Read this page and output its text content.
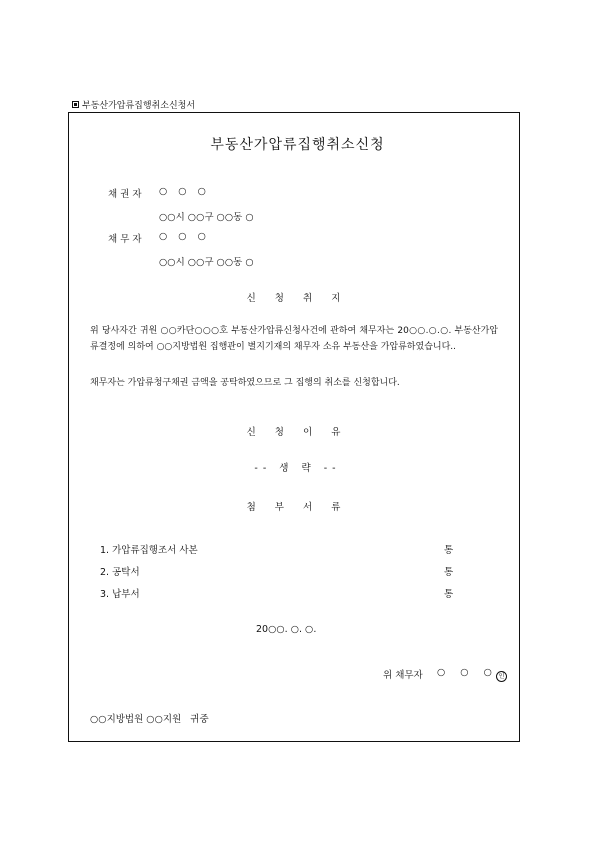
부동산가압류집행취소신청서
부동산가압류집행취소신청
채 권 자 ○ ○ ○
○○시 ○○구 ○○동 ○
채 무 자 ○ ○ ○
○○시 ○○구 ○○동 ○
신 청 취 지
위 당사자간 귀원 ○○카단○○○호 부동산가압류신청사건에 관하여 채무자는 20○○.○.○. 부동산가압류결정에 의하여 ○○지방법원 집행관이 별지기재의 채무자 소유 부동산을 가압류하였습니다..
채무자는 가압류청구채권 금액을 공탁하였으므로 그 집행의 취소를 신청합니다.
신 청 이 유
-- 생 략 --
첨 부 서 류
1. 가압류집행조서 사본	통
2. 공탁서	통
3. 납부서	통
20○○. ○. ○.
위 채무자 ○ ○ ○ 인
○○지방법원 ○○지원   귀중
